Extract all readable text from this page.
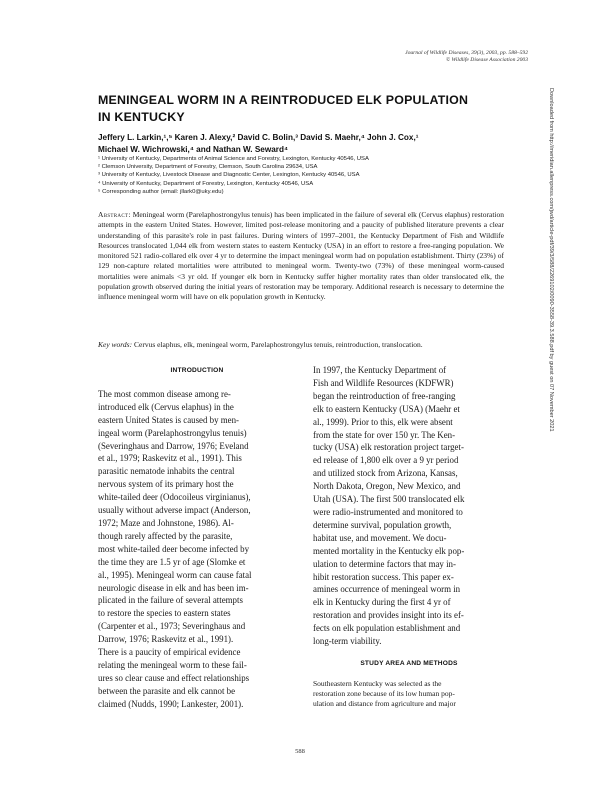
Journal of Wildlife Diseases, 39(3), 2003, pp. 588–592
© Wildlife Disease Association 2003
MENINGEAL WORM IN A REINTRODUCED ELK POPULATION
IN KENTUCKY
Jeffery L. Larkin,¹,⁵ Karen J. Alexy,² David C. Bolin,³ David S. Maehr,⁴ John J. Cox,¹
Michael W. Wichrowski,⁴ and Nathan W. Seward⁴
¹ University of Kentucky, Departments of Animal Science and Forestry, Lexington, Kentucky 40546, USA
² Clemson University, Department of Forestry, Clemson, South Carolina 29634, USA
³ University of Kentucky, Livestock Disease and Diagnostic Center, Lexington, Kentucky 40546, USA
⁴ University of Kentucky, Department of Forestry, Lexington, Kentucky 40546, USA
⁵ Corresponding author (email: jllark0@uky.edu)
Abstract: Meningeal worm (Parelaphostrongylus tenuis) has been implicated in the failure of several elk (Cervus elaphus) restoration attempts in the eastern United States. However, limited post-release monitoring and a paucity of published literature prevents a clear understanding of this parasite's role in past failures. During winters of 1997–2001, the Kentucky Department of Fish and Wildlife Resources translocated 1,044 elk from western states to eastern Kentucky (USA) in an effort to restore a free-ranging population. We monitored 521 radio-collared elk over 4 yr to determine the impact meningeal worm had on population establishment. Thirty (23%) of 129 non-capture related mortalities were attributed to meningeal worm. Twenty-two (73%) of these meningeal worm-caused mortalities were animals <3 yr old. If younger elk born in Kentucky suffer higher mortality rates than older translocated elk, the population growth observed during the initial years of restoration may be temporary. Additional research is necessary to determine the influence meningeal worm will have on elk population growth in Kentucky.
Key words: Cervus elaphus, elk, meningeal worm, Parelaphostrongylus tenuis, reintroduction, translocation.
INTRODUCTION
The most common disease among re-
introduced elk (Cervus elaphus) in the
eastern United States is caused by men-
ingeal worm (Parelaphostrongylus tenuis)
(Severinghaus and Darrow, 1976; Eveland
et al., 1979; Raskevitz et al., 1991). This
parasitic nematode inhabits the central
nervous system of its primary host the
white-tailed deer (Odocoileus virginianus),
usually without adverse impact (Anderson,
1972; Maze and Johnstone, 1986). Al-
though rarely affected by the parasite,
most white-tailed deer become infected by
the time they are 1.5 yr of age (Slomke et
al., 1995). Meningeal worm can cause fatal
neurologic disease in elk and has been im-
plicated in the failure of several attempts
to restore the species to eastern states
(Carpenter et al., 1973; Severinghaus and
Darrow, 1976; Raskevitz et al., 1991).
There is a paucity of empirical evidence
relating the meningeal worm to these fail-
ures so clear cause and effect relationships
between the parasite and elk cannot be
claimed (Nudds, 1990; Lankester, 2001).
In 1997, the Kentucky Department of
Fish and Wildlife Resources (KDFWR)
began the reintroduction of free-ranging
elk to eastern Kentucky (USA) (Maehr et
al., 1999). Prior to this, elk were absent
from the state for over 150 yr. The Ken-
tucky (USA) elk restoration project target-
ed release of 1,800 elk over a 9 yr period
and utilized stock from Arizona, Kansas,
North Dakota, Oregon, New Mexico, and
Utah (USA). The first 500 translocated elk
were radio-instrumented and monitored to
determine survival, population growth,
habitat use, and movement. We docu-
mented mortality in the Kentucky elk pop-
ulation to determine factors that may in-
hibit restoration success. This paper ex-
amines occurrence of meningeal worm in
elk in Kentucky during the first 4 yr of
restoration and provides insight into its ef-
fects on elk population establishment and
long-term viability.
STUDY AREA AND METHODS
Southeastern Kentucky was selected as the
restoration zone because of its low human pop-
ulation and distance from agriculture and major
588
Downloaded from http://meridian.allenpress.com/jwd/article-pdf/39/3/588/2269102/0090-3558-39.3.588.pdf by guest on 07 November 2021
